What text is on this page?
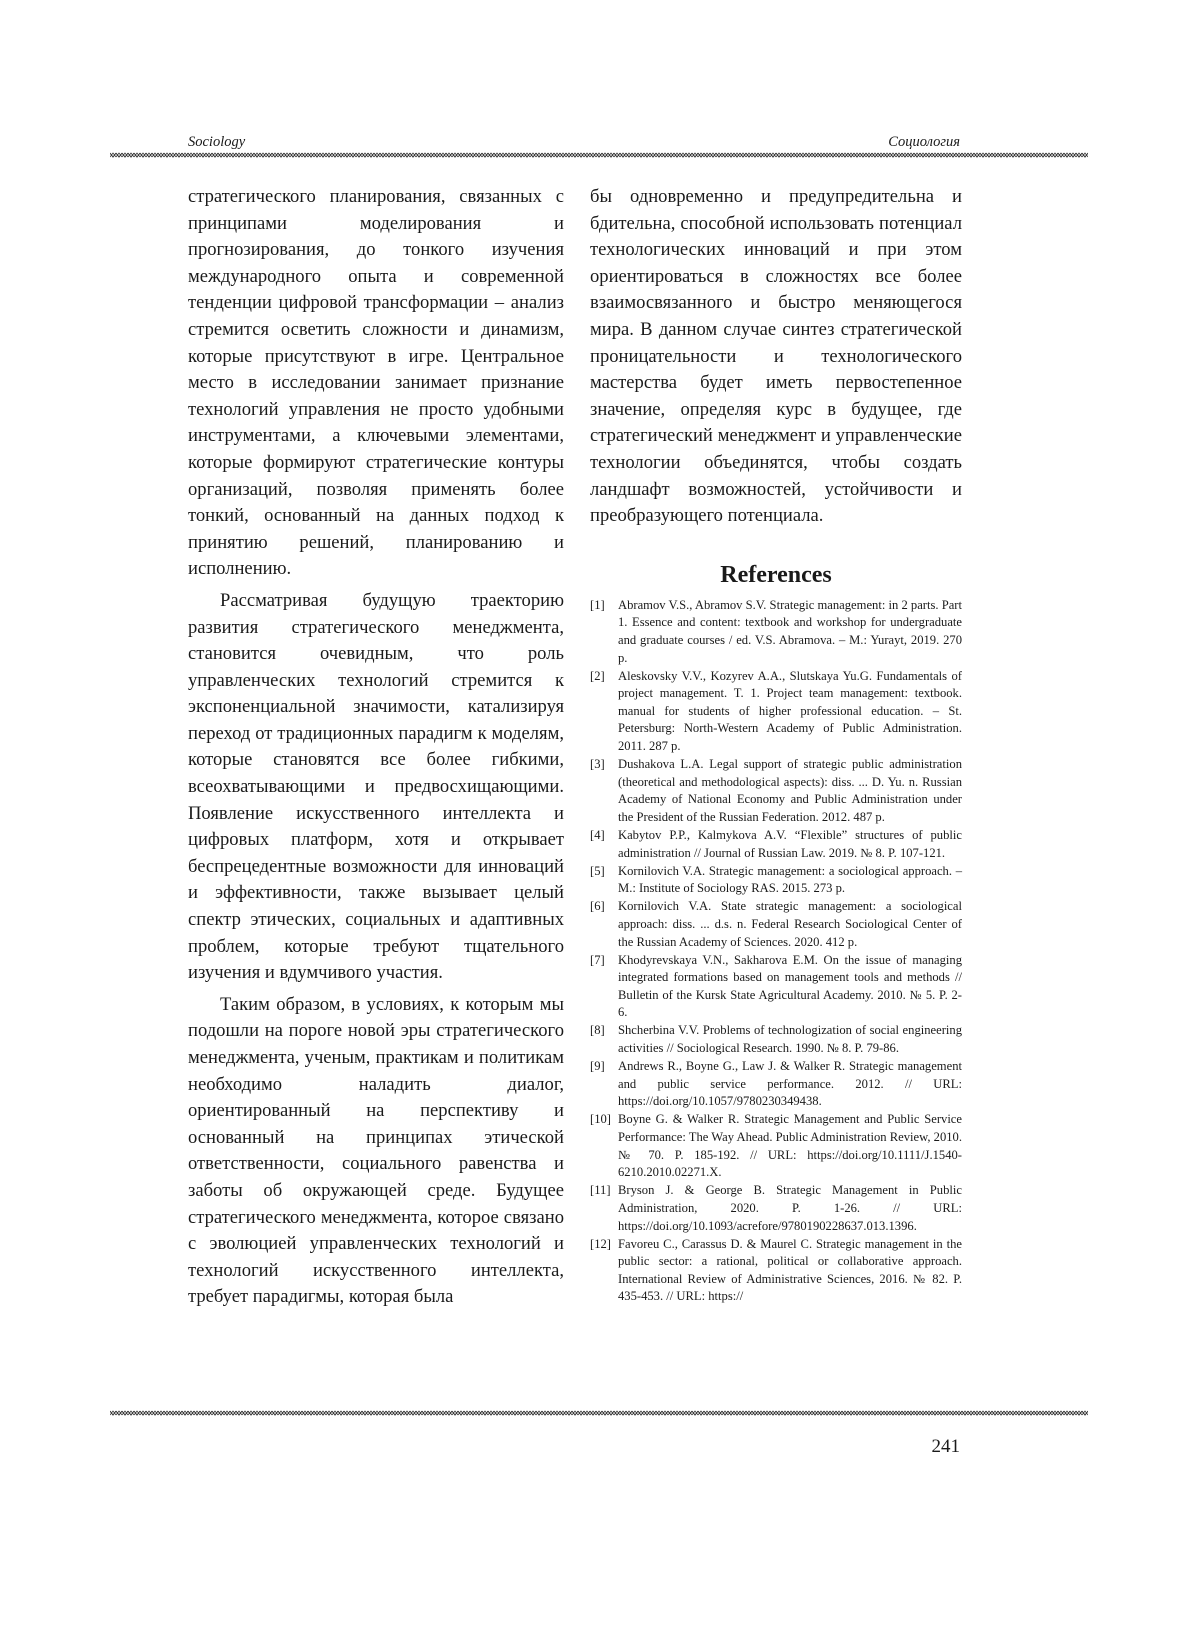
Sociology	Социология

стратегического планирования, связанных с принципами моделирования и прогнозирования, до тонкого изучения международного опыта и современной тенденции цифровой трансформации – анализ стремится осветить сложности и динамизм, которые присутствуют в игре. Центральное место в исследовании занимает признание технологий управления не просто удобными инструментами, а ключевыми элементами, которые формируют стратегические контуры организаций, позволяя применять более тонкий, основанный на данных подход к принятию решений, планированию и исполнению.

Рассматривая будущую траекторию развития стратегического менеджмента, становится очевидным, что роль управленческих технологий стремится к экспоненциальной значимости, катализируя переход от традиционных парадигм к моделям, которые становятся все более гибкими, всеохватывающими и предвосхищающими. Появление искусственного интеллекта и цифровых платформ, хотя и открывает беспрецедентные возможности для инноваций и эффективности, также вызывает целый спектр этических, социальных и адаптивных проблем, которые требуют тщательного изучения и вдумчивого участия.

Таким образом, в условиях, к которым мы подошли на пороге новой эры стратегического менеджмента, ученым, практикам и политикам необходимо наладить диалог, ориентированный на перспективу и основанный на принципах этической ответственности, социального равенства и заботы об окружающей среде. Будущее стратегического менеджмента, которое связано с эволюцией управленческих технологий и технологий искусственного интеллекта, требует парадигмы, которая была

бы одновременно и предупредительна и бдительна, способной использовать потенциал технологических инноваций и при этом ориентироваться в сложностях все более взаимосвязанного и быстро меняющегося мира. В данном случае синтез стратегической проницательности и технологического мастерства будет иметь первостепенное значение, определяя курс в будущее, где стратегический менеджмент и управленческие технологии объединятся, чтобы создать ландшафт возможностей, устойчивости и преобразующего потенциала.

References
[1]	Abramov V.S., Abramov S.V. Strategic management: in 2 parts. Part 1. Essence and content: textbook and workshop for undergraduate and graduate courses / ed. V.S. Abramova. – M.: Yurayt, 2019. 270 p.
[2]	Aleskovsky V.V., Kozyrev A.A., Slutskaya Yu.G. Fundamentals of project management. T. 1. Project team management: textbook. manual for students of higher professional education. – St. Petersburg: North-Western Academy of Public Administration. 2011. 287 p.
[3]	Dushakova L.A. Legal support of strategic public administration (theoretical and methodological aspects): diss. ... D. Yu. n. Russian Academy of National Economy and Public Administration under the President of the Russian Federation. 2012. 487 p.
[4]	Kabytov P.P., Kalmykova A.V. “Flexible” structures of public administration // Journal of Russian Law. 2019. № 8. P. 107-121.
[5]	Kornilovich V.A. Strategic management: a sociological approach. – M.: Institute of Sociology RAS. 2015. 273 p.
[6]	Kornilovich V.A. State strategic management: a sociological approach: diss. ... d.s. n. Federal Research Sociological Center of the Russian Academy of Sciences. 2020. 412 p.
[7]	Khodyrevskaya V.N., Sakharova E.M. On the issue of managing integrated formations based on management tools and methods // Bulletin of the Kursk State Agricultural Academy. 2010. № 5. P. 2-6.
[8]	Shcherbina V.V. Problems of technologization of social engineering activities // Sociological Research. 1990. № 8. P. 79-86.
[9]	Andrews R., Boyne G., Law J. & Walker R. Strategic management and public service performance. 2012. // URL: https://doi.org/10.1057/9780230349438.
[10] Boyne G. & Walker R. Strategic Management and Public Service Performance: The Way Ahead. Public Administration Review, 2010. № 70. P. 185-192. // URL: https://doi.org/10.1111/J.1540-6210.2010.02271.X.
[11] Bryson J. & George B. Strategic Management in Public Administration, 2020. P. 1-26. // URL: https://doi.org/10.1093/acrefore/9780190228637.013.1396.
[12] Favoreu C., Carassus D. & Maurel C. Strategic management in the public sector: a rational, political or collaborative approach. International Review of Administrative Sciences, 2016. № 82. P. 435-453. // URL: https://
241
